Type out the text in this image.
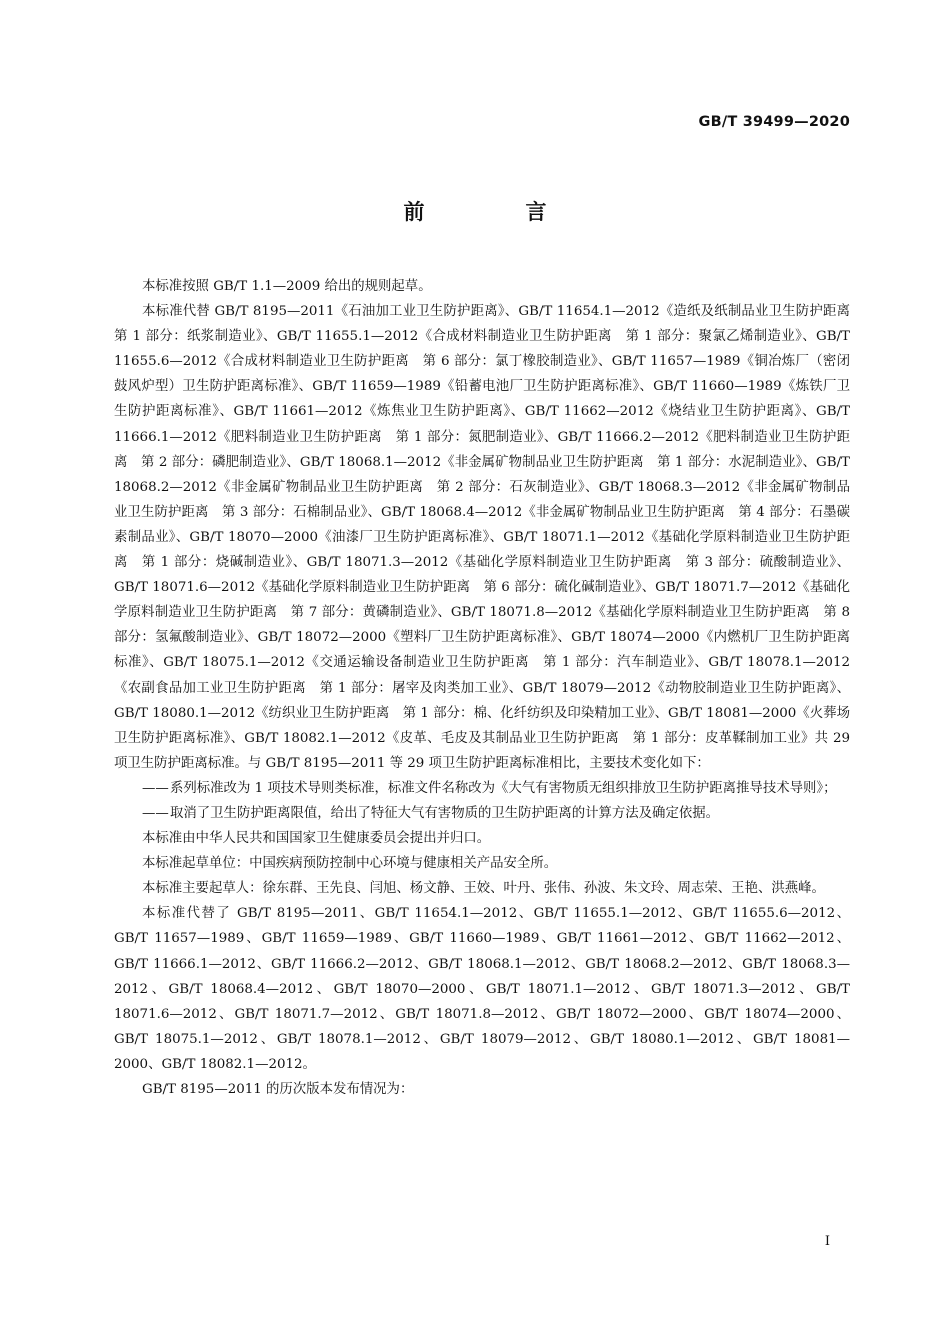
GB/T 39499—2020
前　言

本标准按照 GB/T 1.1—2009 给出的规则起草。

本标准代替 GB/T 8195—2011《石油加工业卫生防护距离》、GB/T 11654.1—2012《造纸及纸制品业卫生防护距离　第 1 部分：纸浆制造业》、GB/T 11655.1—2012《合成材料制造业卫生防护距离　第 1 部分：聚氯乙烯制造业》、GB/T 11655.6—2012《合成材料制造业卫生防护距离　第 6 部分：氯丁橡胶制造业》、GB/T 11657—1989《铜冶炼厂（密闭鼓风炉型）卫生防护距离标准》、GB/T 11659—1989《铅蓄电池厂卫生防护距离标准》、GB/T 11660—1989《炼铁厂卫生防护距离标准》、GB/T 11661—2012《炼焦业卫生防护距离》、GB/T 11662—2012《烧结业卫生防护距离》、GB/T 11666.1—2012《肥料制造业卫生防护距离　第 1 部分：氮肥制造业》、GB/T 11666.2—2012《肥料制造业卫生防护距离　第 2 部分：磷肥制造业》、GB/T 18068.1—2012《非金属矿物制品业卫生防护距离　第 1 部分：水泥制造业》、GB/T 18068.2—2012《非金属矿物制品业卫生防护距离　第 2 部分：石灰制造业》、GB/T 18068.3—2012《非金属矿物制品业卫生防护距离　第 3 部分：石棉制品业》、GB/T 18068.4—2012《非金属矿物制品业卫生防护距离　第 4 部分：石墨碳素制品业》、GB/T 18070—2000《油漆厂卫生防护距离标准》、GB/T 18071.1—2012《基础化学原料制造业卫生防护距离　第 1 部分：烧碱制造业》、GB/T 18071.3—2012《基础化学原料制造业卫生防护距离　第 3 部分：硫酸制造业》、GB/T 18071.6—2012《基础化学原料制造业卫生防护距离　第 6 部分：硫化碱制造业》、GB/T 18071.7—2012《基础化学原料制造业卫生防护距离　第 7 部分：黄磷制造业》、GB/T 18071.8—2012《基础化学原料制造业卫生防护距离　第 8 部分：氢氟酸制造业》、GB/T 18072—2000《塑料厂卫生防护距离标准》、GB/T 18074—2000《内燃机厂卫生防护距离标准》、GB/T 18075.1—2012《交通运输设备制造业卫生防护距离　第 1 部分：汽车制造业》、GB/T 18078.1—2012《农副食品加工业卫生防护距离　第 1 部分：屠宰及肉类加工业》、GB/T 18079—2012《动物胶制造业卫生防护距离》、GB/T 18080.1—2012《纺织业卫生防护距离　第 1 部分：棉、化纤纺织及印染精加工业》、GB/T 18081—2000《火葬场卫生防护距离标准》、GB/T 18082.1—2012《皮革、毛皮及其制品业卫生防护距离　第 1 部分：皮革鞣制加工业》共 29 项卫生防护距离标准。与 GB/T 8195—2011 等 29 项卫生防护距离标准相比，主要技术变化如下：

—— 系列标准改为 1 项技术导则类标准，标准文件名称改为《大气有害物质无组织排放卫生防护距离推导技术导则》；
—— 取消了卫生防护距离限值，给出了特征大气有害物质的卫生防护距离的计算方法及确定依据。

本标准由中华人民共和国国家卫生健康委员会提出并归口。

本标准起草单位：中国疾病预防控制中心环境与健康相关产品安全所。

本标准主要起草人：徐东群、王先良、闫旭、杨文静、王姣、叶丹、张伟、孙波、朱文玲、周志荣、王艳、洪燕峰。

本标准代替了 GB/T 8195—2011、GB/T 11654.1—2012、GB/T 11655.1—2012、GB/T 11655.6—2012、GB/T 11657—1989、GB/T 11659—1989、GB/T 11660—1989、GB/T 11661—2012、GB/T 11662—2012、GB/T 11666.1—2012、GB/T 11666.2—2012、GB/T 18068.1—2012、GB/T 18068.2—2012、GB/T 18068.3—2012、GB/T 18068.4—2012、GB/T 18070—2000、GB/T 18071.1—2012、GB/T 18071.3—2012、GB/T 18071.6—2012、GB/T 18071.7—2012、GB/T 18071.8—2012、GB/T 18072—2000、GB/T 18074—2000、GB/T 18075.1—2012、GB/T 18078.1—2012、GB/T 18079—2012、GB/T 18080.1—2012、GB/T 18081—2000、GB/T 18082.1—2012。

GB/T 8195—2011 的历次版本发布情况为：

I
